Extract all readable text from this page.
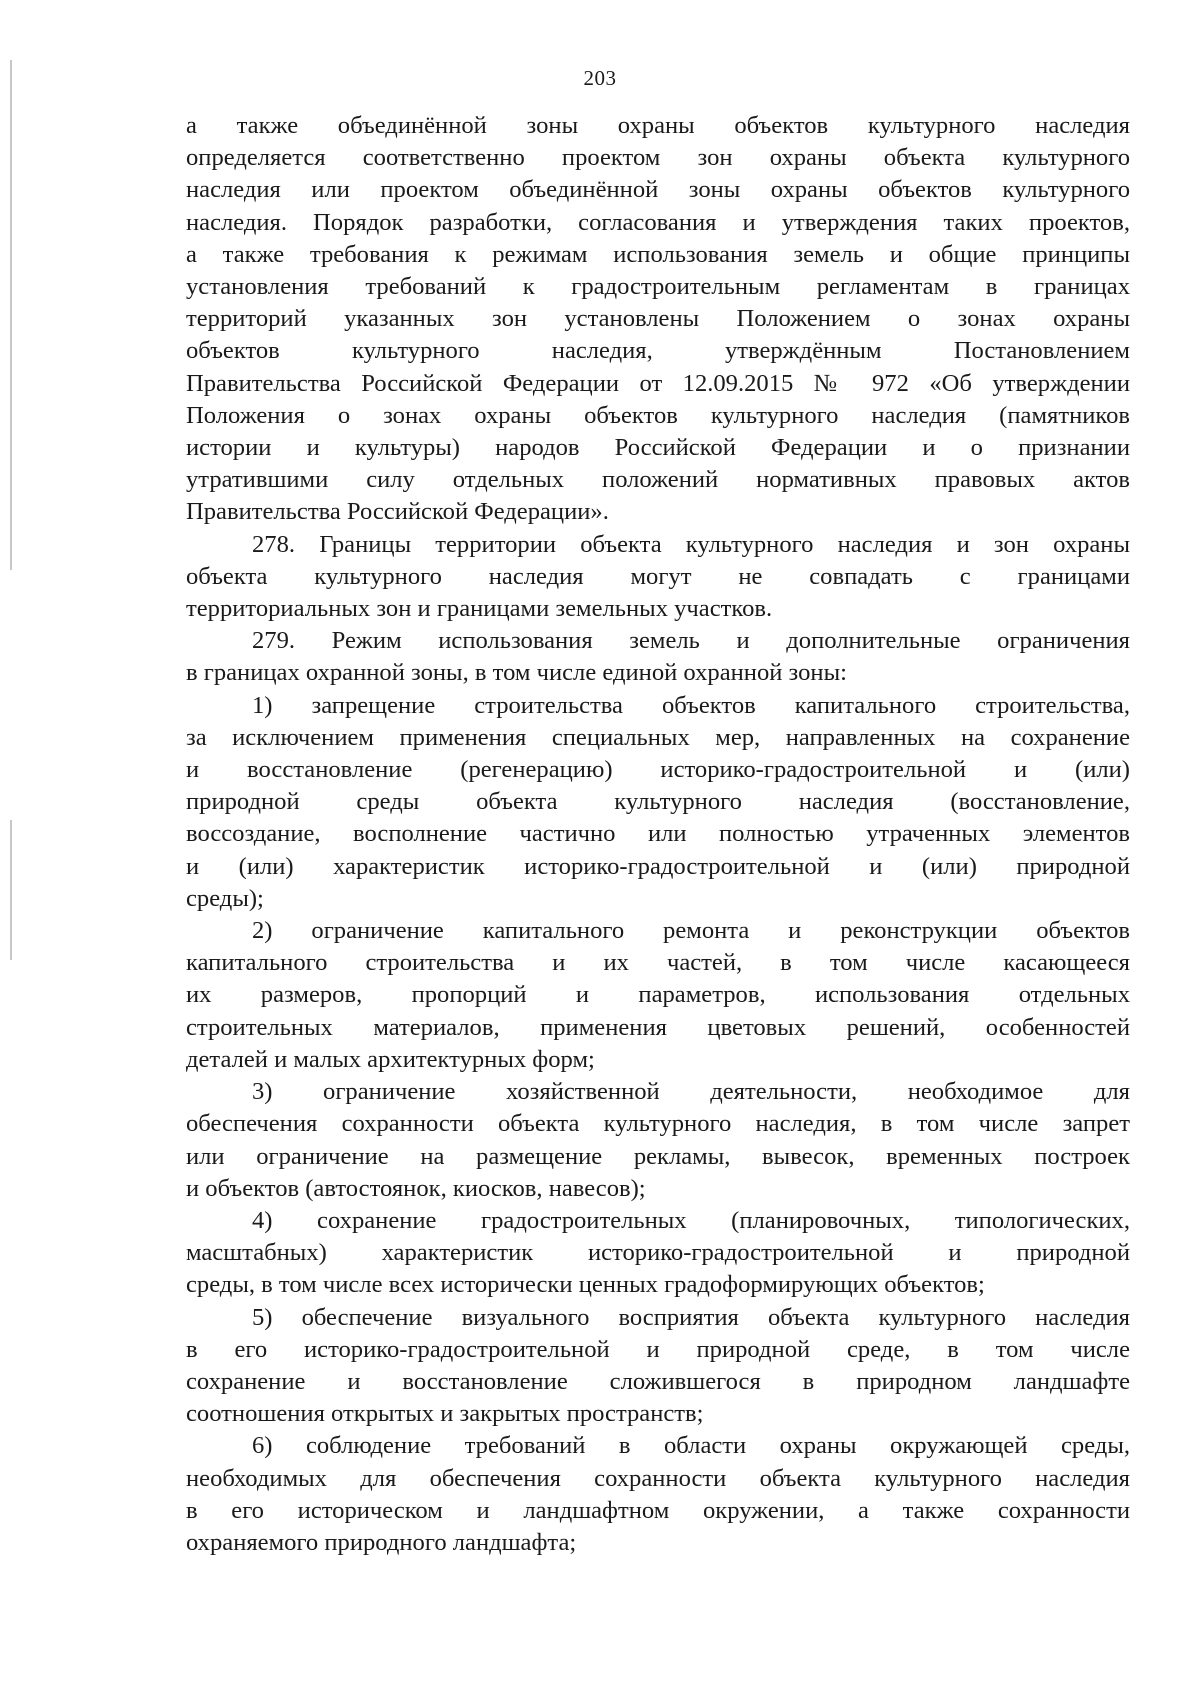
203
а также объединённой зоны охраны объектов культурного наследия
определяется соответственно проектом зон охраны объекта культурного
наследия или проектом объединённой зоны охраны объектов культурного
наследия. Порядок разработки, согласования и утверждения таких проектов,
а также требования к режимам использования земель и общие принципы
установления требований к градостроительным регламентам в границах
территорий указанных зон установлены Положением о зонах охраны
объектов культурного наследия, утверждённым Постановлением
Правительства Российской Федерации от 12.09.2015 № 972 «Об утверждении
Положения о зонах охраны объектов культурного наследия (памятников
истории и культуры) народов Российской Федерации и о признании
утратившими силу отдельных положений нормативных правовых актов
Правительства Российской Федерации».
278. Границы территории объекта культурного наследия и зон охраны
объекта культурного наследия могут не совпадать с границами
территориальных зон и границами земельных участков.
279. Режим использования земель и дополнительные ограничения
в границах охранной зоны, в том числе единой охранной зоны:
1) запрещение строительства объектов капитального строительства,
за исключением применения специальных мер, направленных на сохранение
и восстановление (регенерацию) историко-градостроительной и (или)
природной среды объекта культурного наследия (восстановление,
воссоздание, восполнение частично или полностью утраченных элементов
и (или) характеристик историко-градостроительной и (или) природной
среды);
2) ограничение капитального ремонта и реконструкции объектов
капитального строительства и их частей, в том числе касающееся
их размеров, пропорций и параметров, использования отдельных
строительных материалов, применения цветовых решений, особенностей
деталей и малых архитектурных форм;
3) ограничение хозяйственной деятельности, необходимое для
обеспечения сохранности объекта культурного наследия, в том числе запрет
или ограничение на размещение рекламы, вывесок, временных построек
и объектов (автостоянок, киосков, навесов);
4) сохранение градостроительных (планировочных, типологических,
масштабных) характеристик историко-градостроительной и природной
среды, в том числе всех исторически ценных градоформирующих объектов;
5) обеспечение визуального восприятия объекта культурного наследия
в его историко-градостроительной и природной среде, в том числе
сохранение и восстановление сложившегося в природном ландшафте
соотношения открытых и закрытых пространств;
6) соблюдение требований в области охраны окружающей среды,
необходимых для обеспечения сохранности объекта культурного наследия
в его историческом и ландшафтном окружении, а также сохранности
охраняемого природного ландшафта;
